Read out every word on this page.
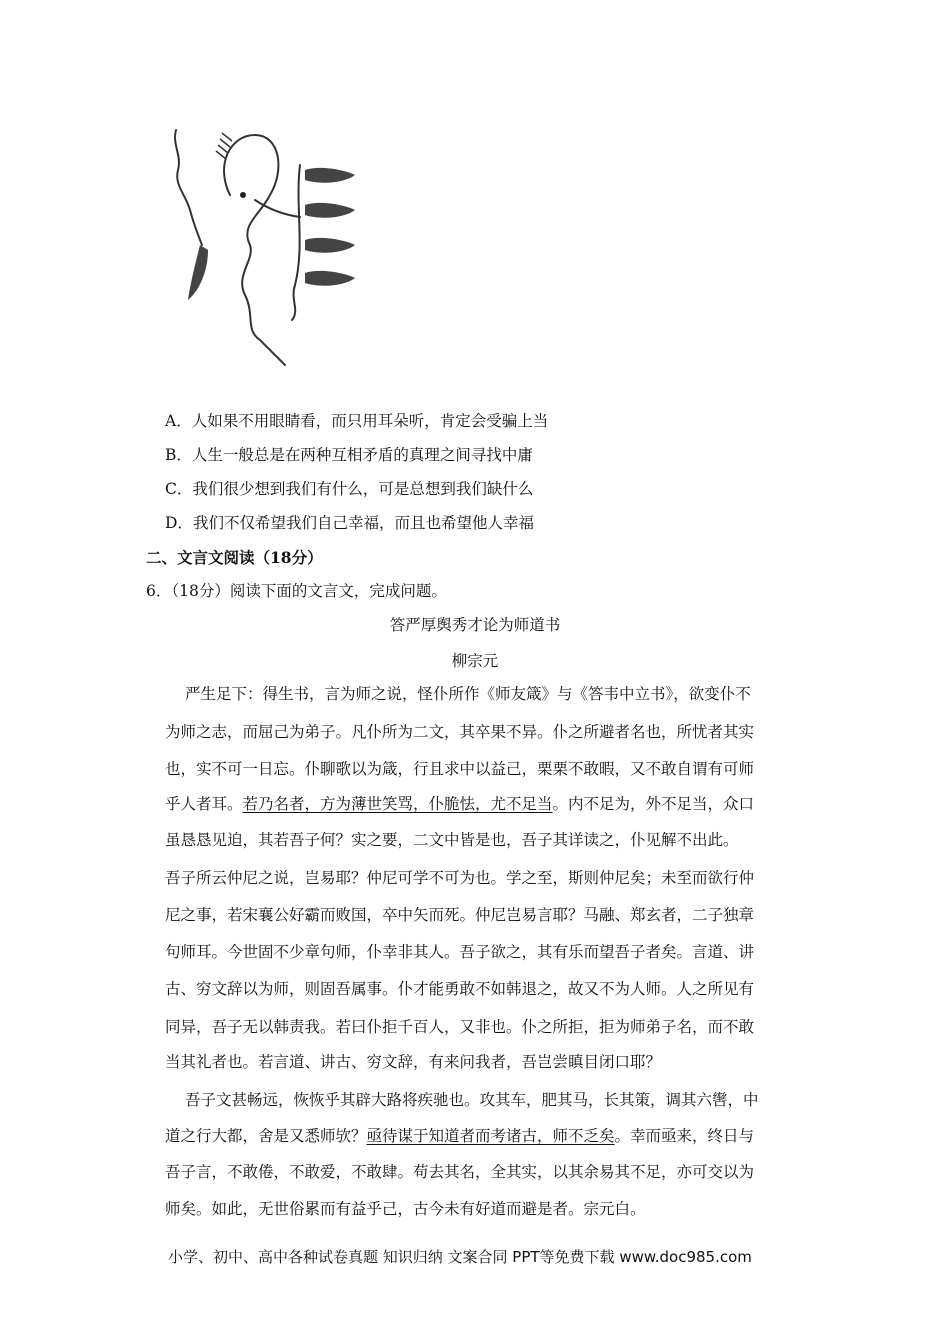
A．人如果不用眼睛看，而只用耳朵听，肯定会受骗上当
B．人生一般总是在两种互相矛盾的真理之间寻找中庸
C．我们很少想到我们有什么，可是总想到我们缺什么
D．我们不仅希望我们自己幸福，而且也希望他人幸福
二、文言文阅读（18分）
6．（18分）阅读下面的文言文，完成问题。
答严厚舆秀才论为师道书
柳宗元
严生足下：得生书，言为师之说，怪仆所作《师友箴》与《答韦中立书》，欲变仆不
为师之志，而屈己为弟子。凡仆所为二文，其卒果不异。仆之所避者名也，所忧者其实
也，实不可一日忘。仆聊歌以为箴，行且求中以益己，栗栗不敢暇，又不敢自谓有可师
乎人者耳。若乃名者，方为薄世笑骂，仆脆怯，尤不足当。内不足为，外不足当，众口
虽恳恳见迫，其若吾子何？实之要，二文中皆是也，吾子其详读之，仆见解不出此。
吾子所云仲尼之说，岂易耶？仲尼可学不可为也。学之至，斯则仲尼矣；未至而欲行仲
尼之事，若宋襄公好霸而败国，卒中矢而死。仲尼岂易言耶？马融、郑玄者，二子独章
句师耳。今世固不少章句师，仆幸非其人。吾子欲之，其有乐而望吾子者矣。言道、讲
古、穷文辞以为师，则固吾属事。仆才能勇敢不如韩退之，故又不为人师。人之所见有
同异，吾子无以韩责我。若曰仆拒千百人，又非也。仆之所拒，拒为师弟子名，而不敢
当其礼者也。若言道、讲古、穷文辞，有来问我者，吾岂尝瞋目闭口耶？
吾子文甚畅远，恢恢乎其辟大路将疾驰也。攻其车，肥其马，长其策，调其六辔，中
道之行大都，舍是又悉师欤？亟待谋于知道者而考诸古，师不乏矣。幸而亟来，终日与
吾子言，不敢倦，不敢爱，不敢肆。苟去其名，全其实，以其余易其不足，亦可交以为
师矣。如此，无世俗累而有益乎己，古今未有好道而避是者。宗元白。
小学、初中、高中各种试卷真题 知识归纳 文案合同 PPT等免费下载 www.doc985.com
